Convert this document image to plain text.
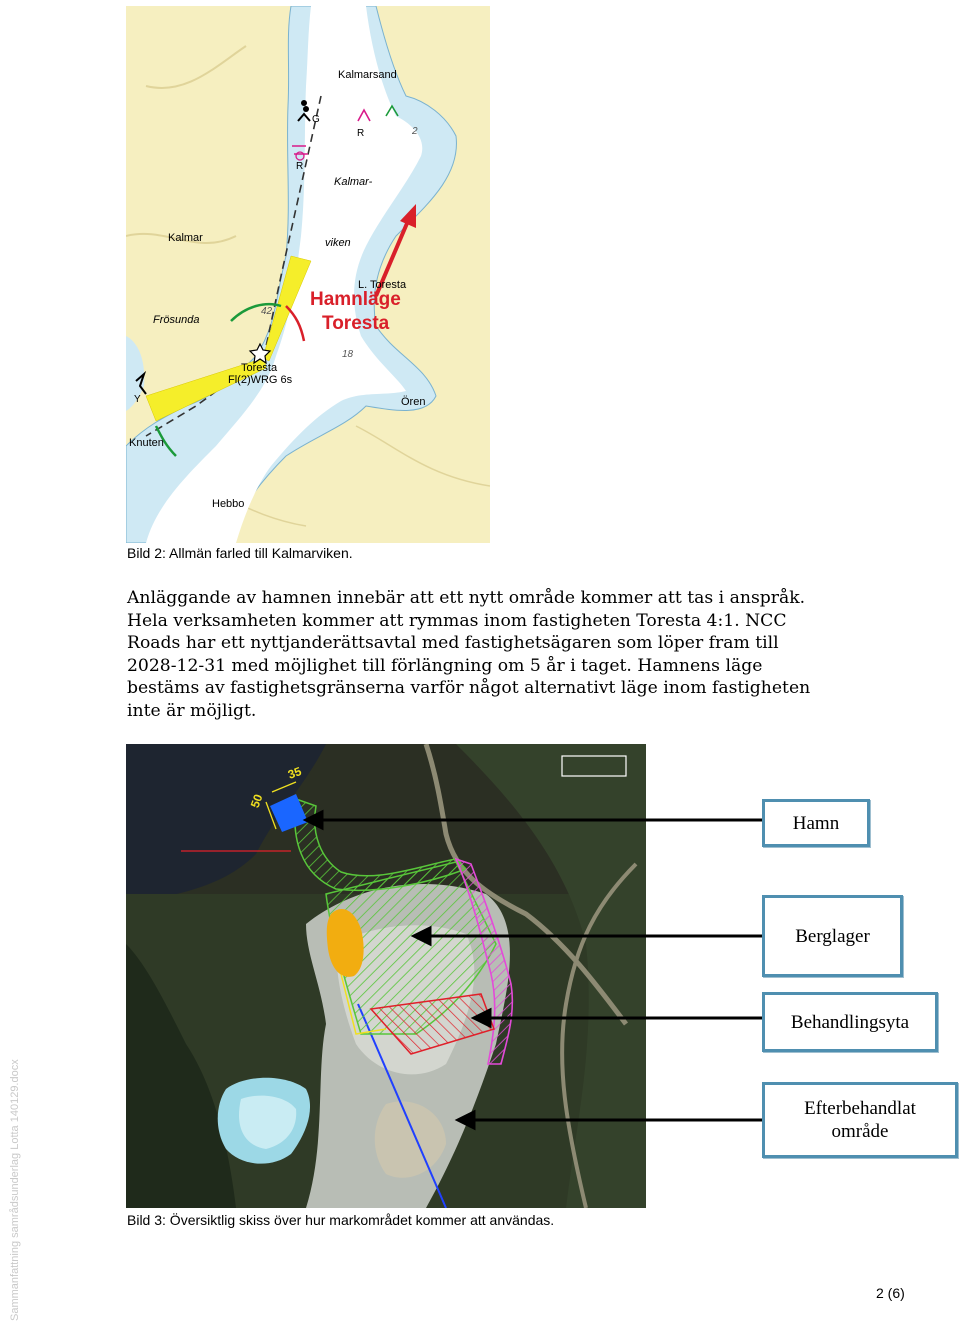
Kalmarsand
Kalmar-
viken
Kalmar
Frösunda
L. Toresta
Hamnläge
Toresta
Toresta
Fl(2)WRG 6s
Ören
Knuten
Hebbo
18
42
2
G
R
R
Y
Bild 2: Allmän farled till Kalmarviken.
Anläggande av hamnen innebär att ett nytt område kommer att tas i anspråk.
Hela verksamheten kommer att rymmas inom fastigheten Toresta 4:1. NCC
Roads har ett nyttjanderättsavtal med fastighetsägaren som löper fram till
2028-12-31 med möjlighet till förlängning om 5 år i taget. Hamnens läge
bestäms av fastighetsgränserna varför något alternativt läge inom fastigheten
inte är möjligt.
35
50
Hamn
Berglager
Behandlingsyta
Efterbehandlat
område
Bild 3: Översiktlig skiss över hur markområdet kommer att användas.
Sammanfattning samrådsunderlag Lotta 140129.docx	2 (6)
